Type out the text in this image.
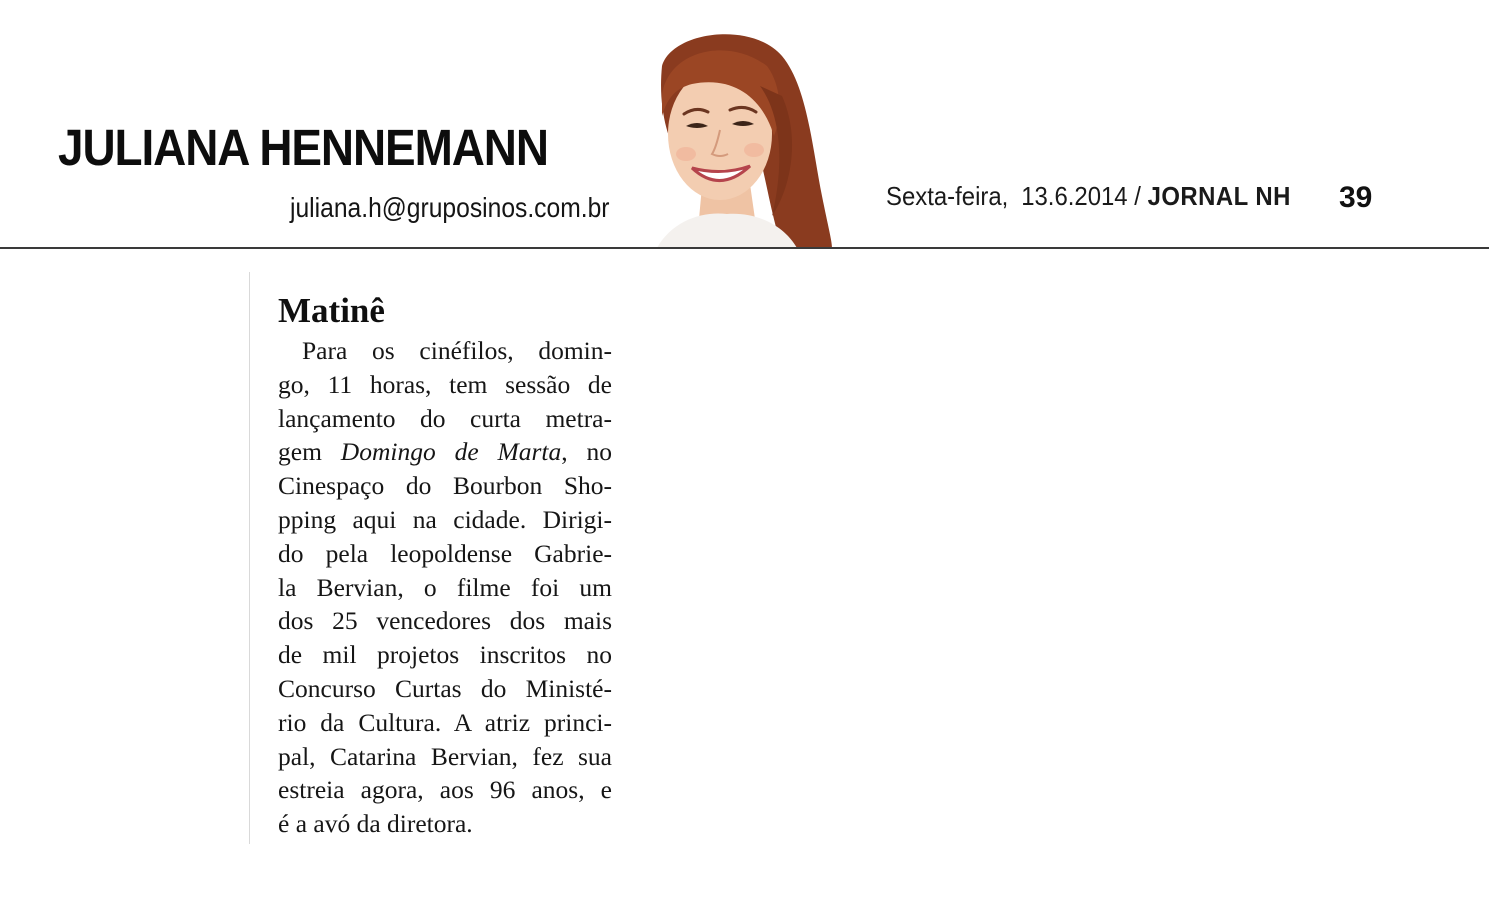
JULIANA HENNEMANN
juliana.h@gruposinos.com.br	Sexta-feira, 13.6.2014 / JORNAL NH 39
Matinê

Para os cinéfilos, domin-
go, 11 horas, tem sessão de
lançamento do curta metra-
gem Domingo de Marta, no
Cinespaço do Bourbon Sho-
pping aqui na cidade. Dirigi-
do pela leopoldense Gabrie-
la Bervian, o filme foi um
dos 25 vencedores dos mais
de mil projetos inscritos no
Concurso Curtas do Ministé-
rio da Cultura. A atriz princi-
pal, Catarina Bervian, fez sua
estreia agora, aos 96 anos, e
é a avó da diretora.
